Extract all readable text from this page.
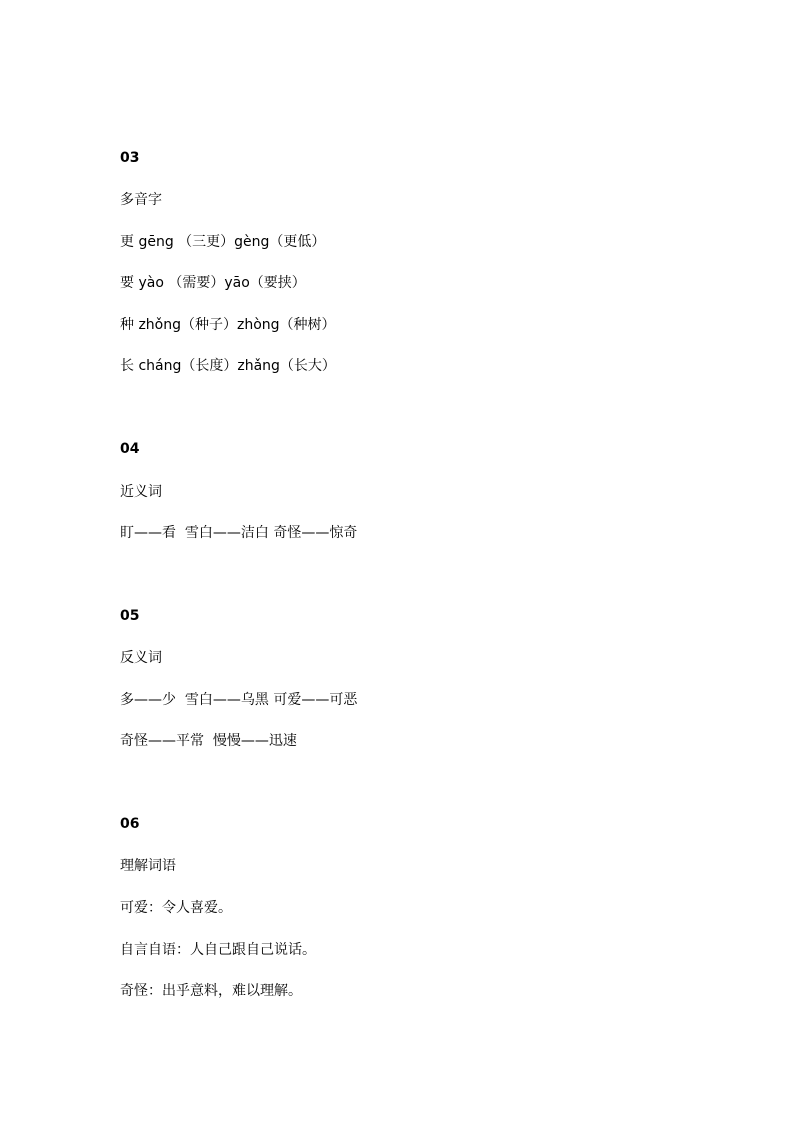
03
多音字
更 gēng （三更）gèng（更低）
要 yào （需要）yāo（要挟）
种 zhǒng（种子）zhòng（种树）
长 cháng（长度）zhǎng（长大）
04
近义词
盯——看  雪白——洁白 奇怪——惊奇
05
反义词
多——少  雪白——乌黑 可爱——可恶
奇怪——平常  慢慢——迅速
06
理解词语
可爱：令人喜爱。
自言自语：人自己跟自己说话。
奇怪：出乎意料，难以理解。
